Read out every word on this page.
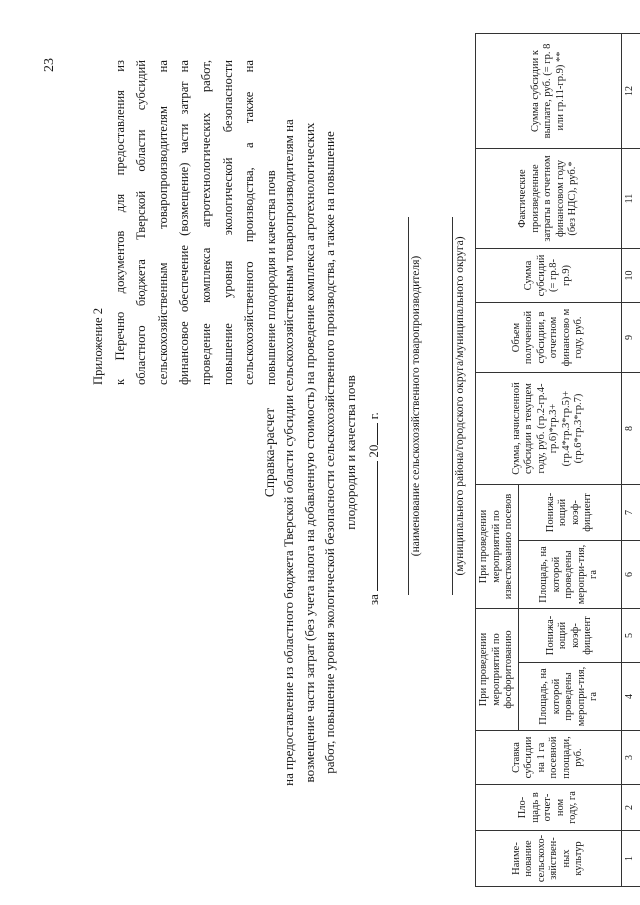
23
Приложение 2 к Перечню документов для предоставления из областного бюджета Тверской области субсидий сельскохозяйственным товаропроизводителям на финансовое обеспечение (возмещение) части затрат на проведение комплекса агротехнологических работ, повышение уровня экологической безопасности сельскохозяйственного производства, а также на повышение плодородия и качества почв
Справка-расчет на предоставление из областного бюджета Тверской области субсидии сельскохозяйственным товаропроизводителям на возмещение части затрат (без учета налога на добавленную стоимость) на проведение комплекса агротехнологических работ, повышение уровня экологической безопасности сельскохозяйственного производства, а также на повышение плодородия и качества почв
за  20 г.	(наименование сельскохозяйственного товаропроизводителя)	(муниципального района/городского округа/муниципального округа)
Наиме-нование сельскохо-зяйствен-ных культур	Пло-щадь в отчет-ном году, га	Ставка субсидии на 1 га посевной площади, руб.	При проведении мероприятий по фосфоритованию		При проведении мероприятий по известкованию посевов		Сумма, начисленной субсидии в текущем году, руб. (гр.2-гр.4-гр.6)*гр.3+ (гр.4*гр.3*гр.5)+ (гр.6*гр.3*гр.7)	Объем полученной субсидии, в отчетном финансово м году, руб.	Сумма субсидий (= гр.8- гр.9)	Фактические произведенные затраты в отчетном финансовом году (без НДС), руб.*	Сумма субсидии к выплате, руб. (= гр. 8 или гр.11-гр.9) **
			Площадь, на которой проведены меропри-тия, га	Понижа-ющий коэф-фициент	Площадь, на которой проведены меропри-тия, га	Понижа-ющий коэф-фициент					
1	2	3	4	5	6	7	8	9	10	11	12
